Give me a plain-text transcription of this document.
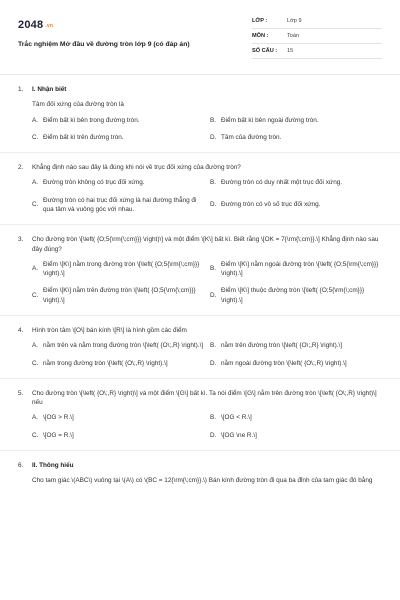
2048 .vn
Trắc nghiệm Mở đầu về đường tròn lớp 9 (có đáp án)
LỚP :	Lớp 9
MÔN :	Toán
SỐ CÂU :	15
1.	I. Nhận biết
Tâm đối xứng của đường tròn là
A. Điểm bất kì bên trong đường tròn.	B. Điểm bất kì bên ngoài đường tròn.
C. Điểm bất kì trên đường tròn.	D. Tâm của đường tròn.
2.	Khẳng định nào sau đây là đúng khi nói về trục đối xứng của đường tròn?
A. Đường tròn không có trục đối xứng.	B. Đường tròn có duy nhất một trục đối xứng.
C.
Đường tròn có hai trục đối xứng là hai đường thẳng đi qua tâm và vuông góc với nhau.
D. Đường tròn có vô số trục đối xứng.
3.	Cho đường tròn \[\left( {O;5{\rm{\;cm}}} \right)\] và một điểm \[K\] bất kì. Biết rằng \[OK = 7{\rm{\;cm}}.\] Khẳng định nào sau đây đúng?
A.
Điểm \[K\] nằm trong đường tròn \[\left( {O;5{\rm{\;cm}}} \right).\]
B.
Điểm \[K\] nằm ngoài đường tròn \[\left( {O;5{\rm{\;cm}}} \right).\]
C.
Điểm \[K\] nằm trên đường tròn \[\left( {O;5{\rm{\;cm}}} \right).\]
D.
Điểm \[K\] thuộc đường tròn \[\left( {O;5{\rm{\;cm}}} \right).\]
4.	Hình tròn tâm \[O\] bán kính \[R\] là hình gồm các điểm
A. nằm trên và nằm trong đường tròn \[\left( {O\;,R} \right).\] B. nằm trên đường tròn \[\left( {O\;,R} \right).\]
C. nằm trong đường tròn \[\left( {O\;,R} \right).\]	D. nằm ngoài đường tròn \[\left( {O\;,R} \right).\]
5.	Cho đường tròn \[\left( {O\;,R} \right)\] và một điểm \[G\] bất kì. Ta nói điểm \[G\] nằm trên đường tròn \[\left( {O\;,R} \right)\] nếu
A. \[OG > R.\]	B. \[OG < R.\]
C. \[OG = R.\]	D. \[OG \ne R.\]
6.	II. Thông hiểu
Cho tam giác \(ABC\) vuông tại \(A\) có \(BC = 12{\rm{\;cm}}.\) Bán kính đường tròn đi qua ba đỉnh của tam giác đó bằng
